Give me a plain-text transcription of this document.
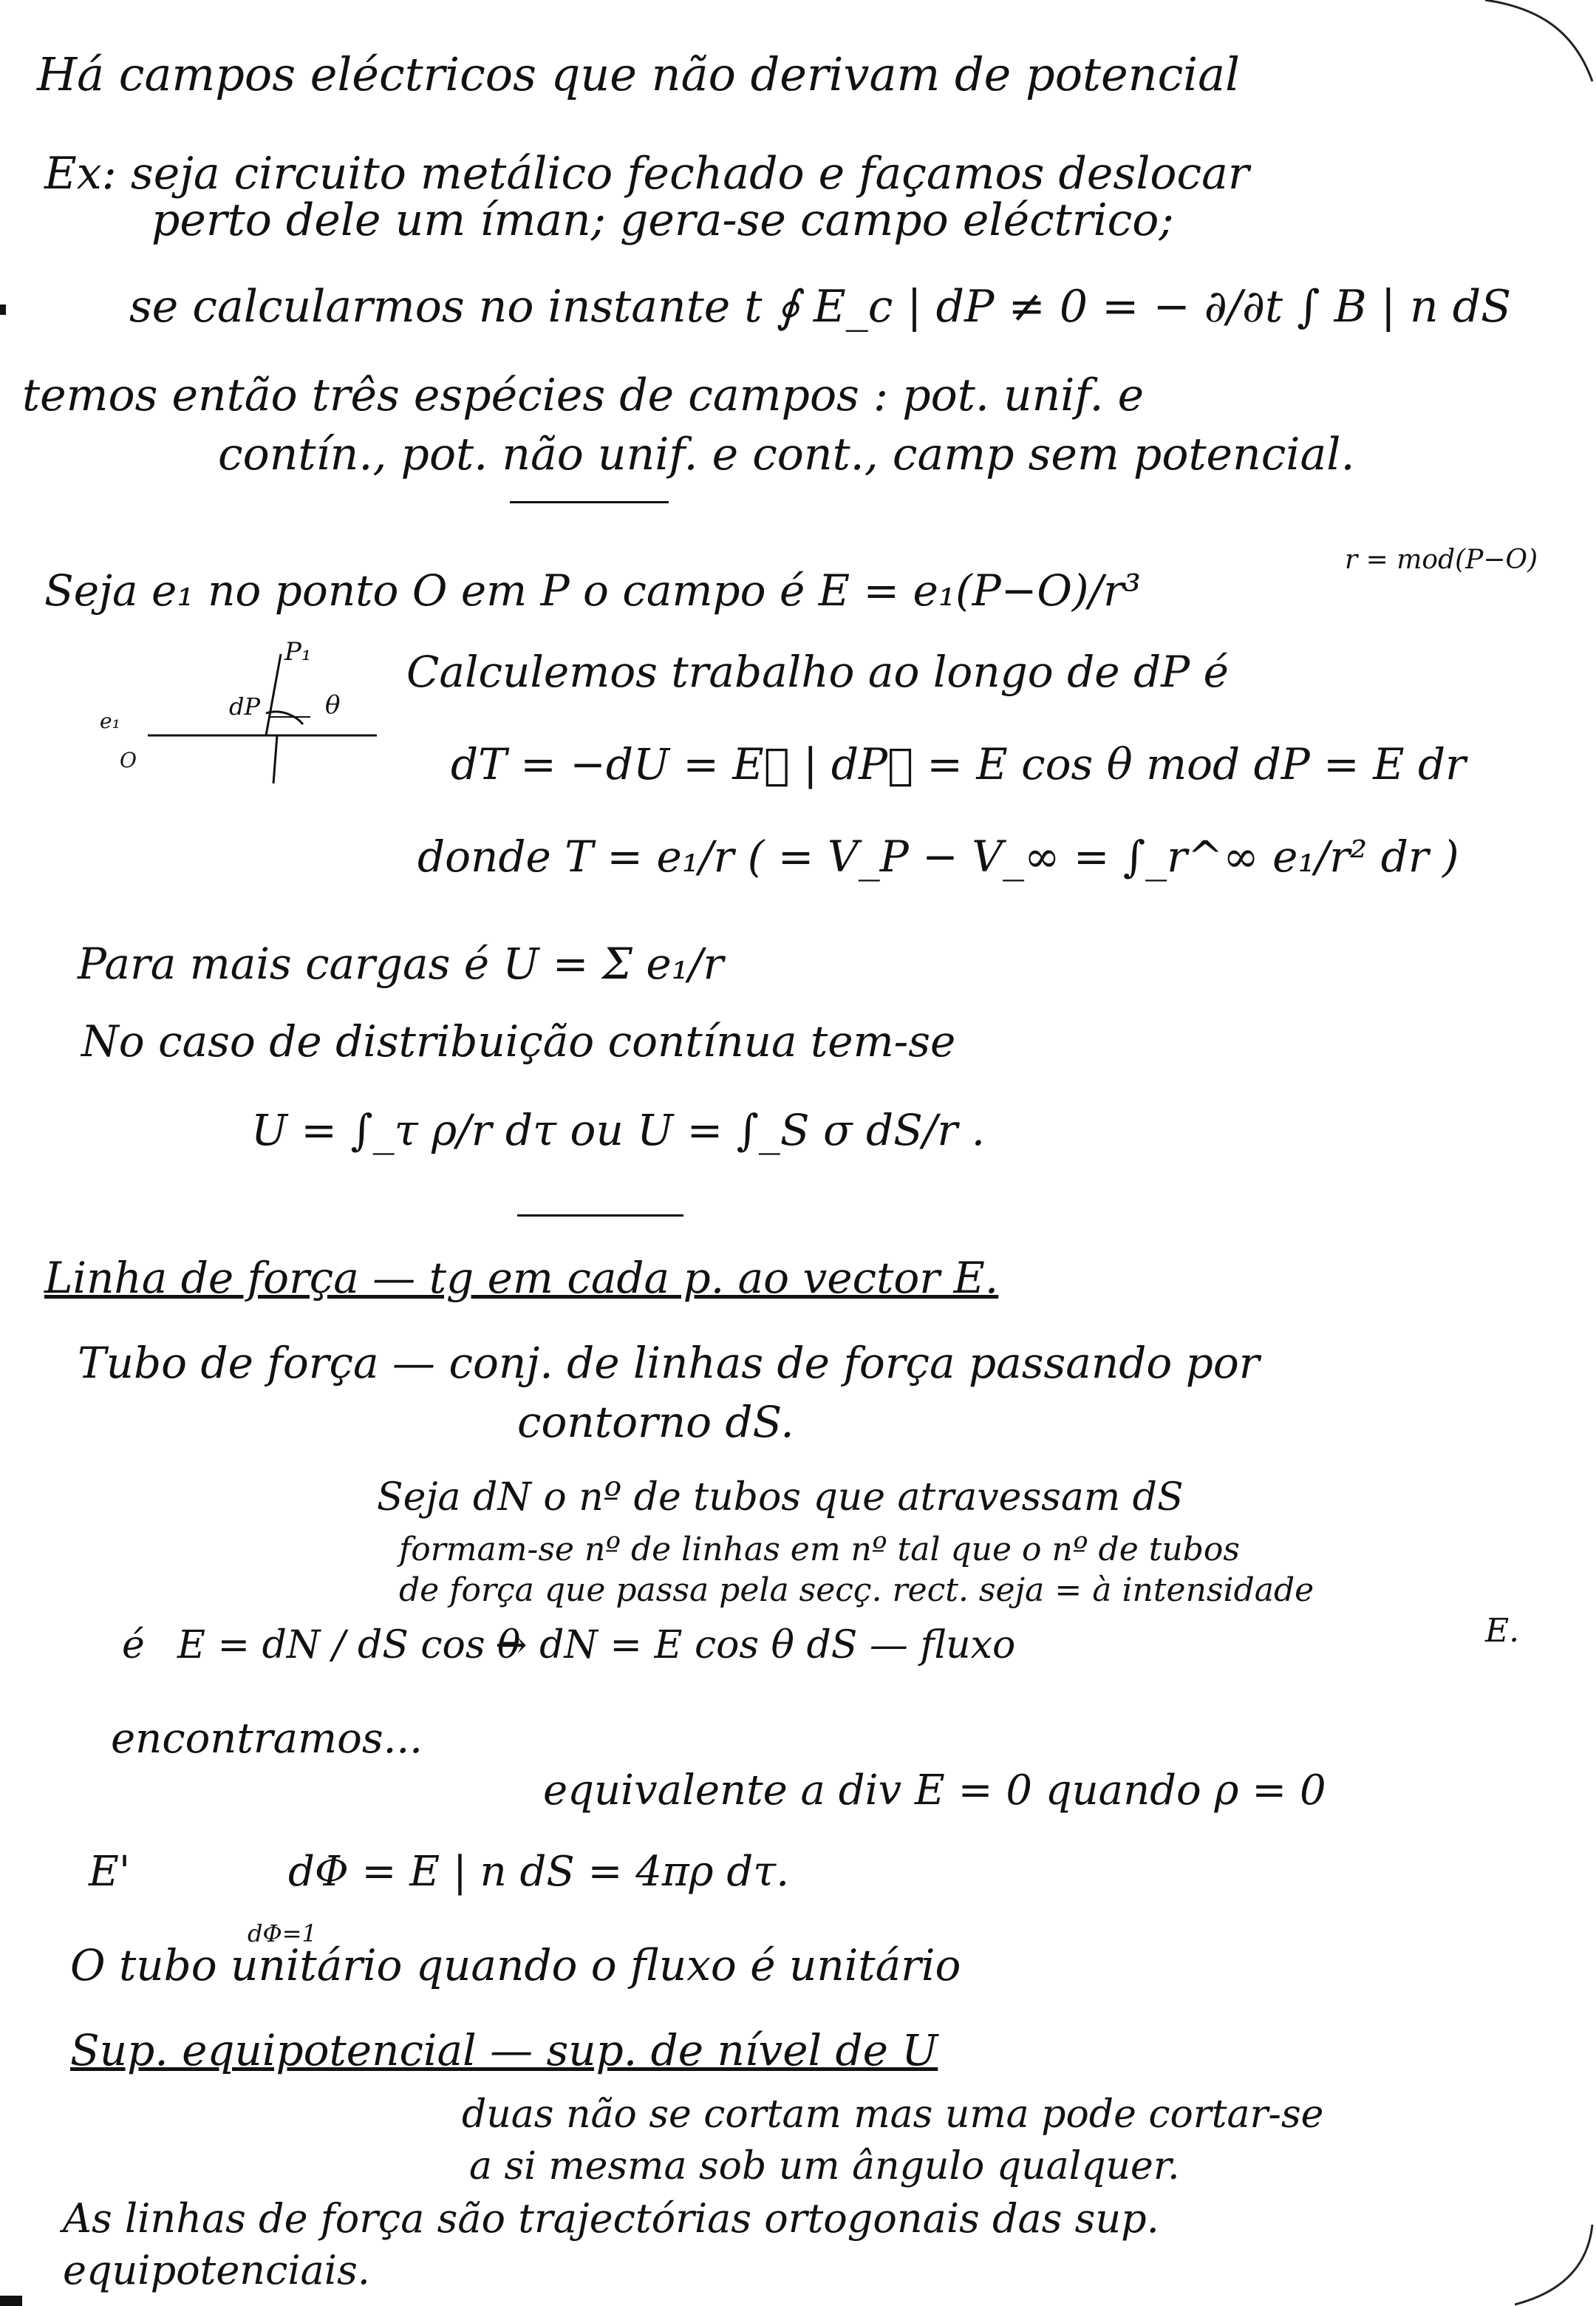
Há campos eléctricos que não derivam de potencial
Ex: seja circuito metálico fechado e façamos deslocar
perto dele um íman; gera-se campo eléctrico;
se calcularmos no instante t ∮ E_c | dP ≠ 0 = − ∂/∂t ∫ B | n dS
temos então três espécies de campos : pot. unif. e
contín., pot. não unif. e cont., camp sem potencial.
Seja e₁ no ponto O em P o campo é E = e₁(P−O)/r³
r = mod(P−O)
P₁
dP	θ
e₁
O
Calculemos trabalho ao longo de dP é
dT = −dU = E⃗ | dP⃗ = E cos θ mod dP = E dr
donde T = e₁/r ( = V_P − V_∞ = ∫_r^∞ e₁/r² dr )
Para mais cargas é U = Σ e₁/r
No caso de distribuição contínua tem-se
U = ∫_τ ρ/r dτ ou U = ∫_S σ dS/r .
Linha de força — tg em cada p. ao vector E.
Tubo de força — conj. de linhas de força passando por
contorno dS.
Seja dN o nº de tubos que atravessam dS
formam-se nº de linhas em nº tal que o nº de tubos
de força que passa pela secç. rect. seja = à intensidade
E.
é E = dN / dS cos θ
→ dN = E cos θ dS — fluxo
encontramos...
equivalente a div E = 0 quando ρ = 0
E'	dΦ = E | n dS = 4πρ dτ.
dΦ=1
O tubo unitário quando o fluxo é unitário
Sup. equipotencial — sup. de nível de U
duas não se cortam mas uma pode cortar-se
a si mesma sob um ângulo qualquer.
As linhas de força são trajectórias ortogonais das sup.
equipotenciais.
